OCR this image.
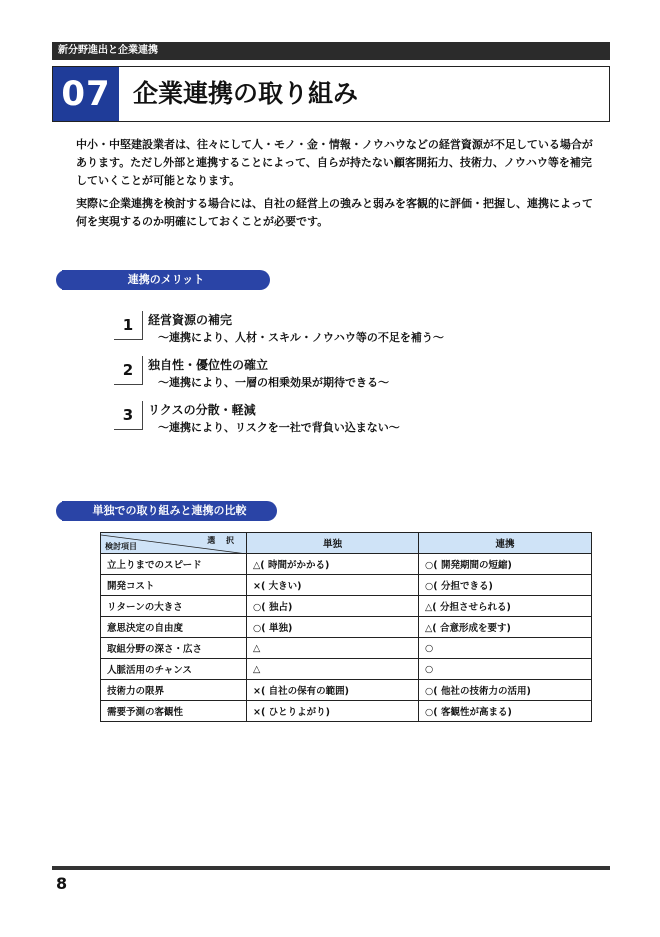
新分野進出と企業連携
07 企業連携の取り組み

中小・中堅建設業者は、往々にして人・モノ・金・情報・ノウハウなどの経営資源が不足している場合があります。ただし外部と連携することによって、自らが持たない顧客開拓力、技術力、ノウハウ等を補完していくことが可能となります。

実際に企業連携を検討する場合には、自社の経営上の強みと弱みを客観的に評価・把握し、連携によって何を実現するのか明確にしておくことが必要です。

連携のメリット
1	経営資源の補完
～連携により、人材・スキル・ノウハウ等の不足を補う～
2	独自性・優位性の確立
～連携により、一層の相乗効果が期待できる～
3	リクスの分散・軽減
～連携により、リスクを一社で背負い込まない～
単独での取り組みと連携の比較
選 択
検討項目	単独	連携
立上りまでのスピード	△( 時間がかかる)	○( 開発期間の短縮)
開発コスト	×( 大きい)	○( 分担できる)
リターンの大きさ	○( 独占)	△( 分担させられる)
意思決定の自由度	○( 単独)	△( 合意形成を要す)
取組分野の深さ・広さ	△	○
人脈活用のチャンス	△	○
技術力の限界	×( 自社の保有の範囲)	○( 他社の技術力の活用)
需要予測の客観性	×( ひとりよがり)	○( 客観性が高まる)
8
